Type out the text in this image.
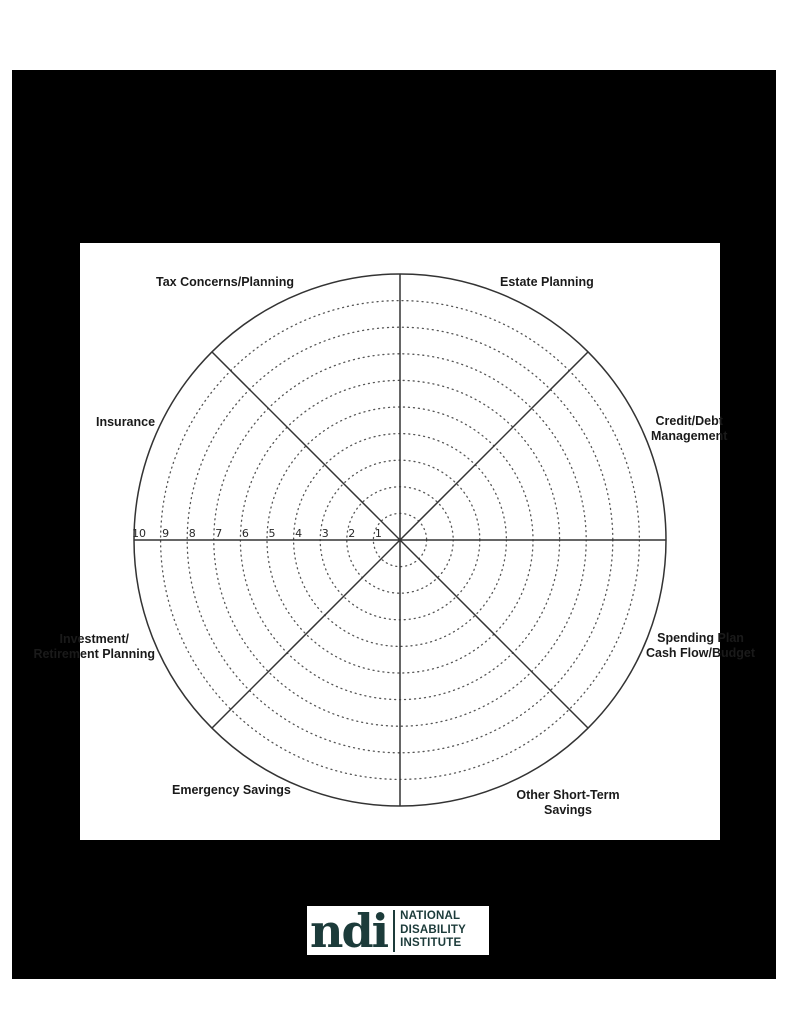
10 9 8 7 6 5 4 3 2 1
Tax Concerns/Planning	Estate Planning
Credit/Debt
Management
Insurance
Investment/
Retirement Planning
Spending Plan
Cash Flow/Budget
Emergency Savings	Other Short-Term
Savings
ndi NATIONAL
DISABILITY
INSTITUTE
